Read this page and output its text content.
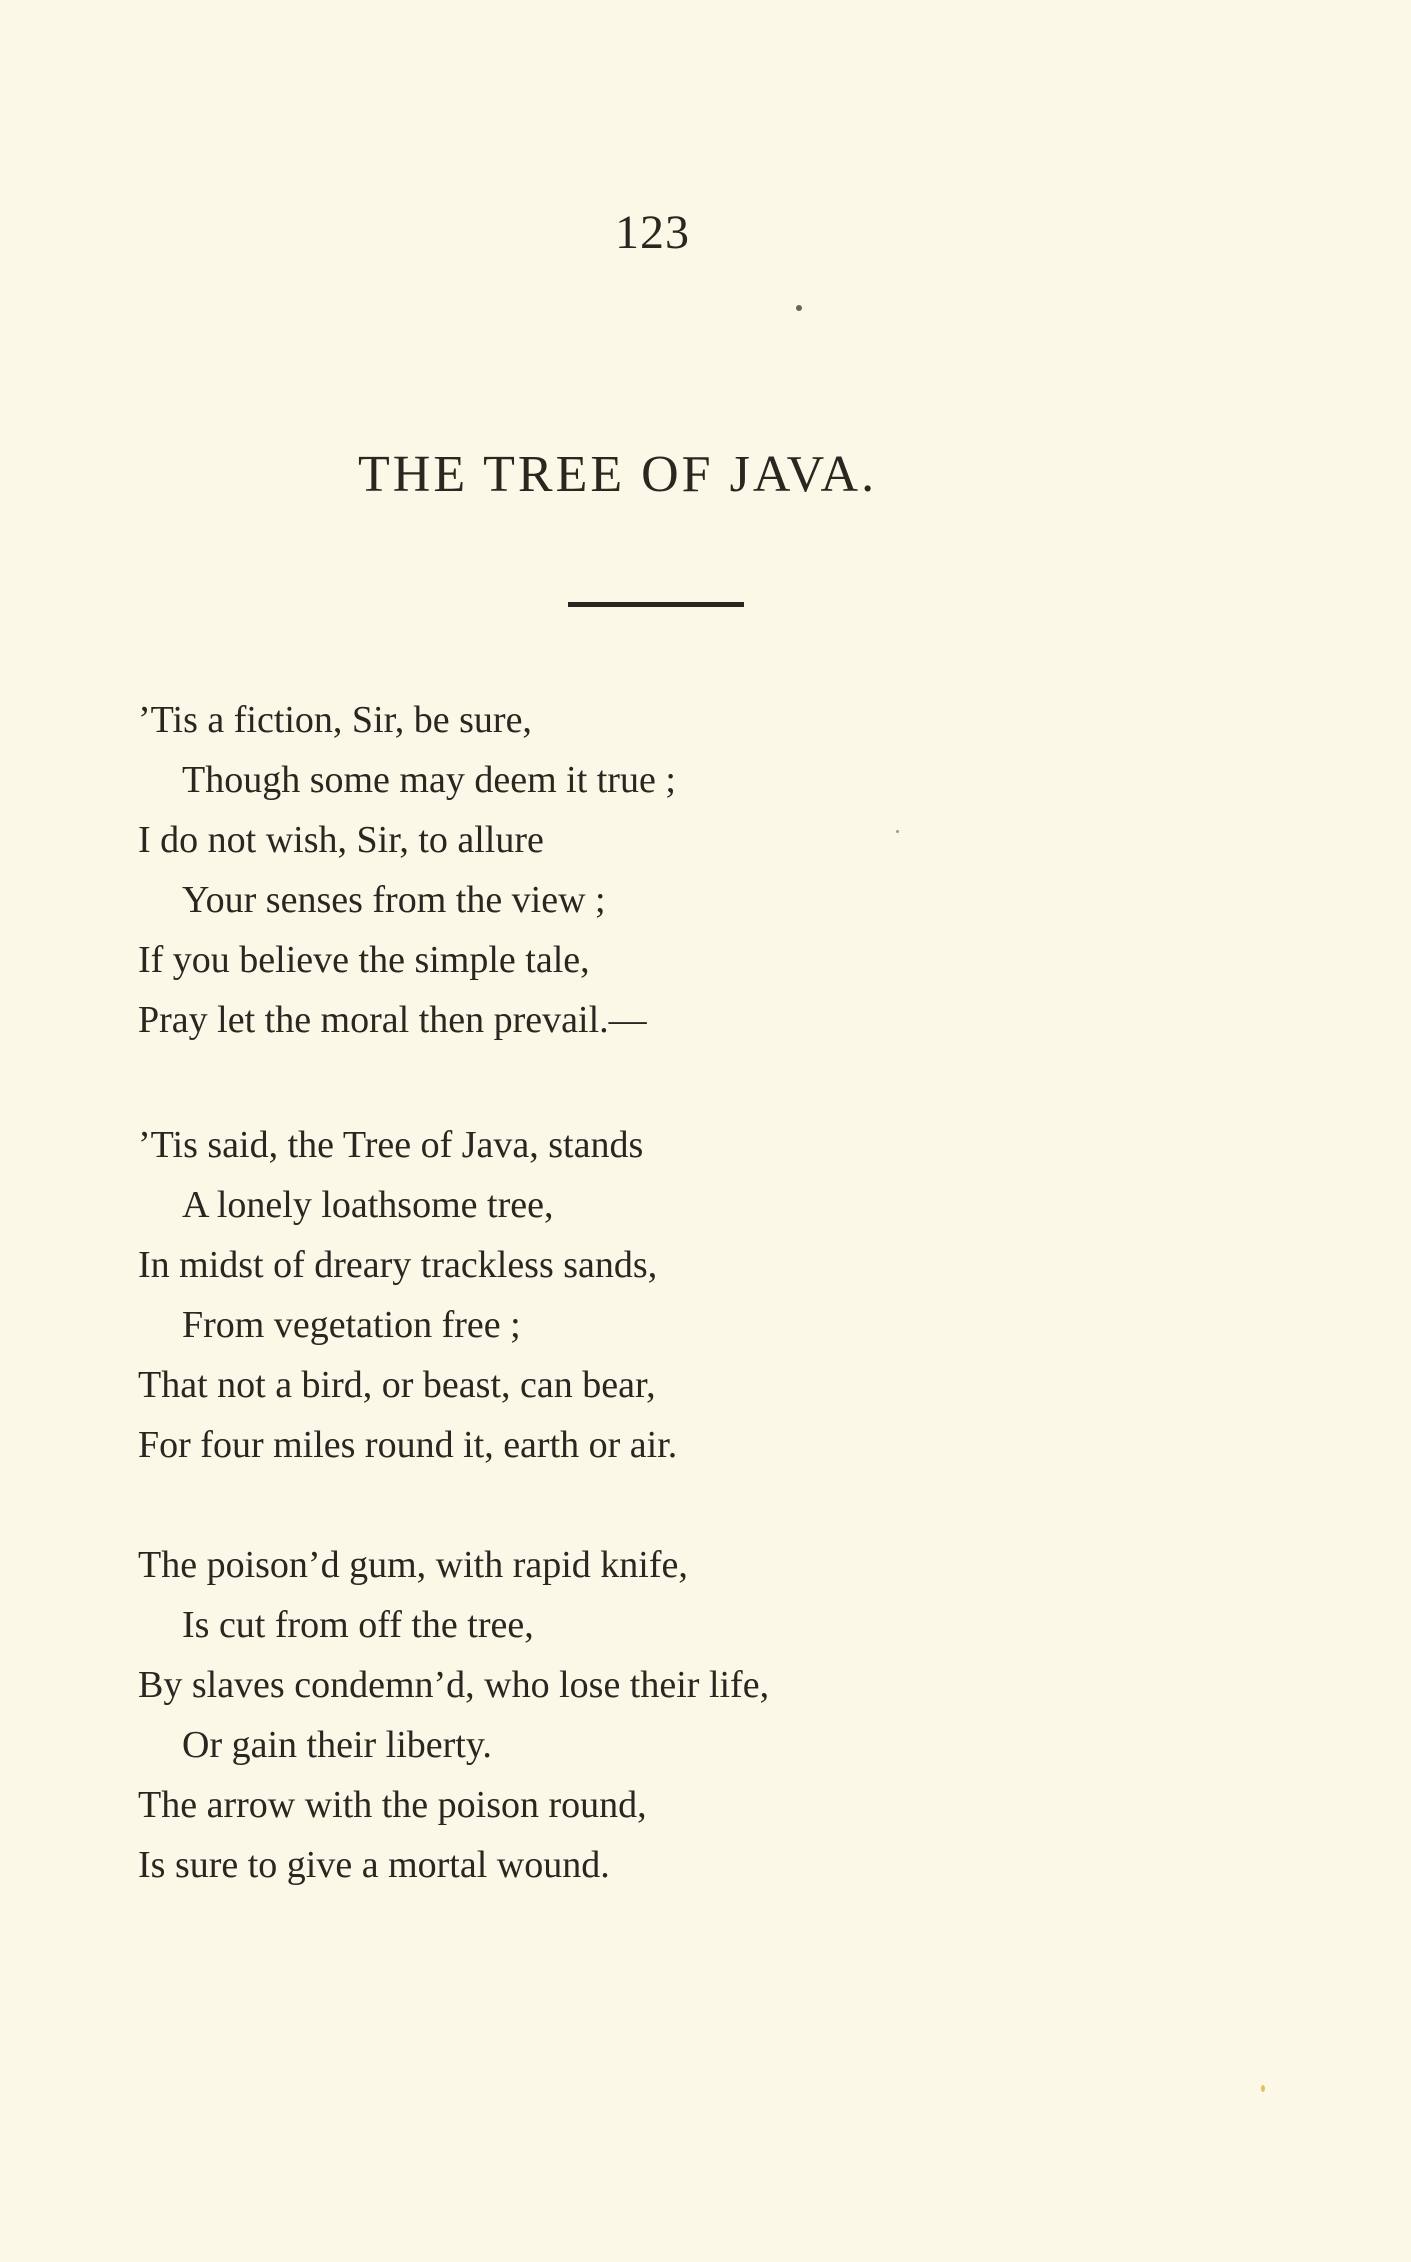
123
THE TREE OF JAVA.
’Tis a fiction, Sir, be sure,
Though some may deem it true ;
I do not wish, Sir, to allure
Your senses from the view ;
If you believe the simple tale,
Pray let the moral then prevail.—
’Tis said, the Tree of Java, stands
A lonely loathsome tree,
In midst of dreary trackless sands,
From vegetation free ;
That not a bird, or beast, can bear,
For four miles round it, earth or air.
The poison’d gum, with rapid knife,
Is cut from off the tree,
By slaves condemn’d, who lose their life,
Or gain their liberty.
The arrow with the poison round,
Is sure to give a mortal wound.
